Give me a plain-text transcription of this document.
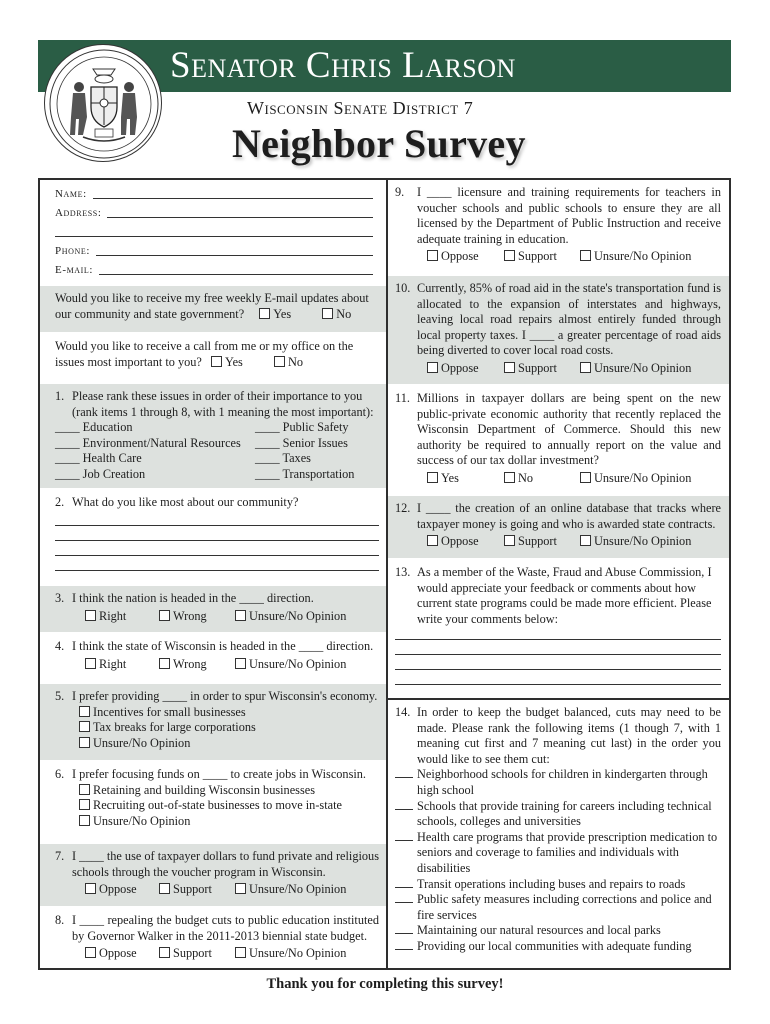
Senator Chris Larson
Wisconsin Senate District 7
Neighbor Survey
Name:
Address:
Phone:
E-mail:
Would you like to receive my free weekly E-mail updates about our community and state government? Yes	No
Would you like to receive a call from me or my office on the issues most important to you? Yes	No
1. Please rank these issues in order of their importance to you (rank items 1 through 8, with 1 meaning the most important):
____ Education
____ Environment/Natural Resources
____ Health Care
____ Job Creation
____ Public Safety
____ Senior Issues
____ Taxes
____ Transportation
2. What do you like most about our community?
3. I think the nation is headed in the ____ direction.
Right	Wrong	Unsure/No Opinion
4. I think the state of Wisconsin is headed in the ____ direction.
Right	Wrong	Unsure/No Opinion
5. I prefer providing ____ in order to spur Wisconsin's economy.
Incentives for small businesses
Tax breaks for large corporations
Unsure/No Opinion
6. I prefer focusing funds on ____ to create jobs in Wisconsin.
Retaining and building Wisconsin businesses
Recruiting out-of-state businesses to move in-state
Unsure/No Opinion
7. I ____ the use of taxpayer dollars to fund private and religious schools through the voucher program in Wisconsin.
Oppose	Support	Unsure/No Opinion
8. I ____ repealing the budget cuts to public education instituted by Governor Walker in the 2011-2013 biennial state budget.
Oppose	Support	Unsure/No Opinion
9.	I ____ licensure and training requirements for teachers in voucher schools and public schools to ensure they are all licensed by the Department of Public Instruction and receive adequate training in education.
Oppose	Support	Unsure/No Opinion
10. Currently, 85% of road aid in the state's transportation fund is allocated to the expansion of interstates and highways, leaving local road repairs almost entirely funded through local property taxes. I ____ a greater percentage of road aids being diverted to cover local road costs.
Oppose	Support	Unsure/No Opinion
11. Millions in taxpayer dollars are being spent on the new public-private economic authority that recently replaced the Wisconsin Department of Commerce. Should this new authority be required to annually report on the value and success of our tax dollar investment?
Yes	No	Unsure/No Opinion
12. I ____ the creation of an online database that tracks where taxpayer money is going and who is awarded state contracts.
Oppose	Support	Unsure/No Opinion
13. As a member of the Waste, Fraud and Abuse Commission, I would appreciate your feedback or comments about how current state programs could be made more efficient. Please write your comments below:
14. In order to keep the budget balanced, cuts may need to be made. Please rank the following items (1 though 7, with 1 meaning cut first and 7 meaning cut last) in the order you would like to see them cut:
Neighborhood schools for children in kindergarten through high school
Schools that provide training for careers including technical schools, colleges and universities
Health care programs that provide prescription medication to seniors and coverage to families and individuals with disabilities
Transit operations including buses and repairs to roads
Public safety measures including corrections and police and fire services
Maintaining our natural resources and local parks
Providing our local communities with adequate funding
Thank you for completing this survey!
